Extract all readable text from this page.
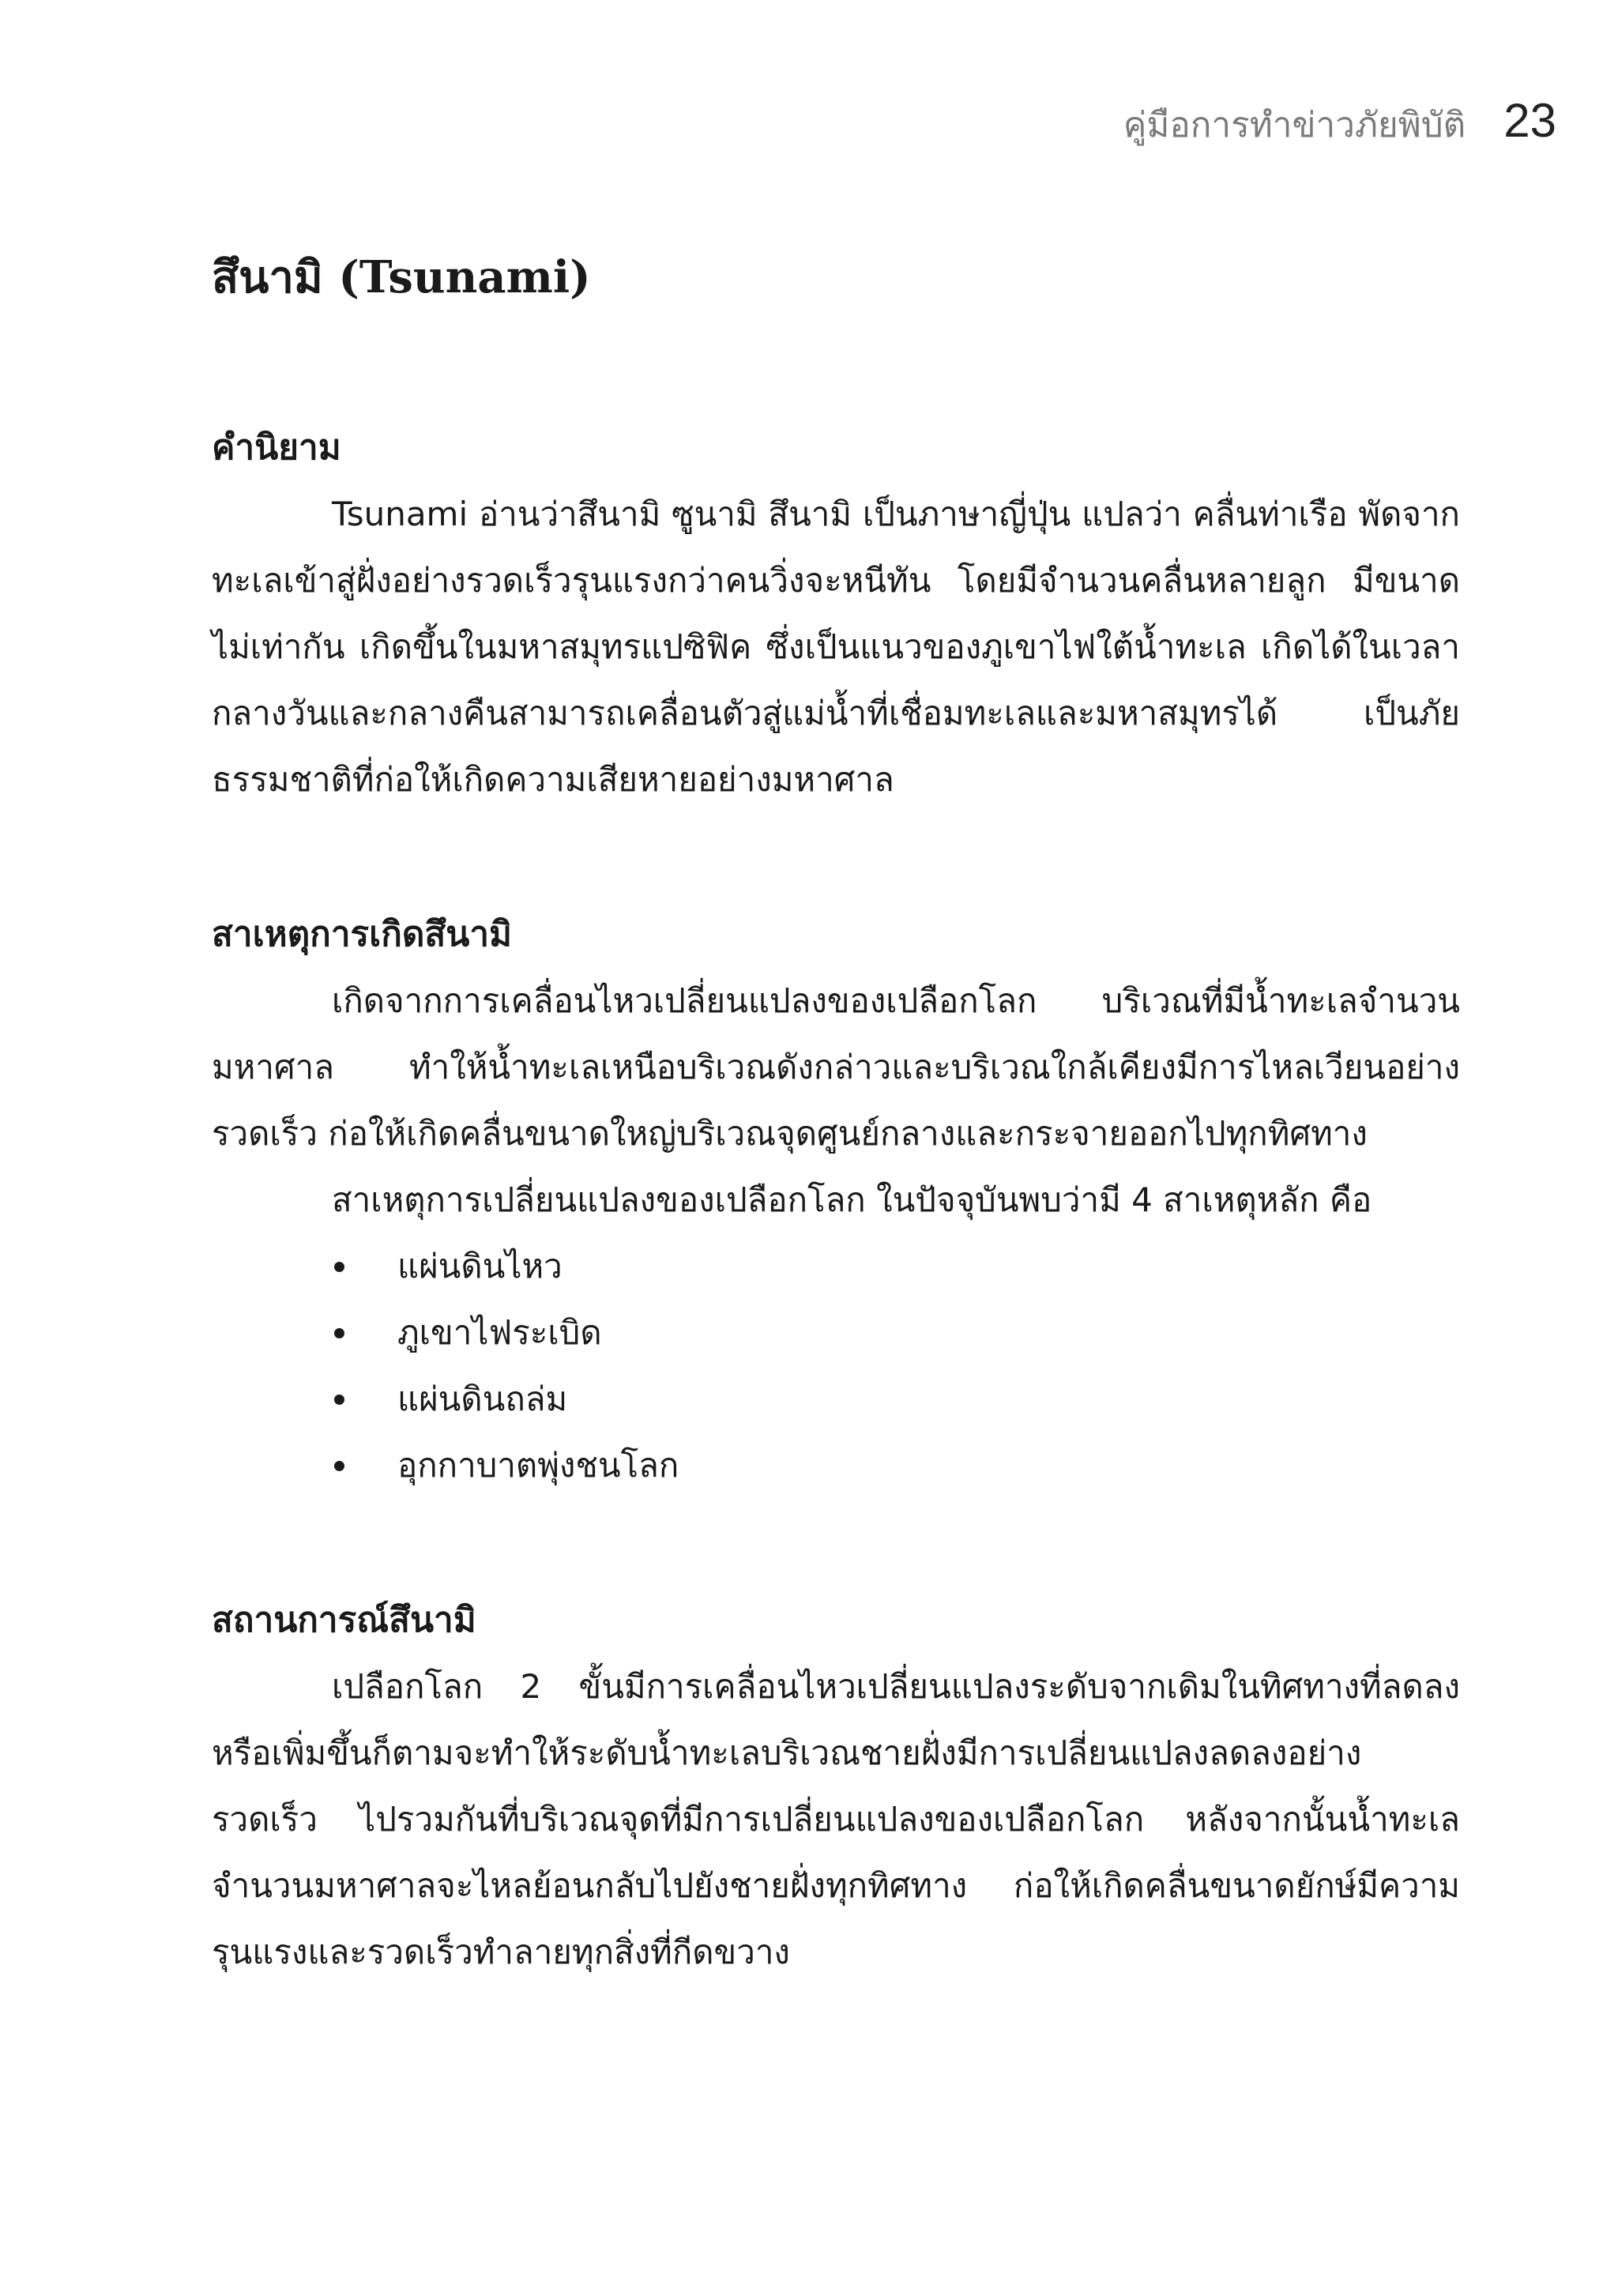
คู่มือการทำข่าวภัยพิบัติ 23
สึนามิ (Tsunami)
คำนิยาม

Tsunami อ่านว่าสึนามิ ซูนามิ สึนามิ เป็นภาษาญี่ปุ่น แปลว่า คลื่นท่าเรือ พัดจากทะเลเข้าสู่ฝั่งอย่างรวดเร็วรุนแรงกว่าคนวิ่งจะหนีทัน โดยมีจำนวนคลื่นหลายลูก มีขนาดไม่เท่ากัน เกิดขึ้นในมหาสมุทรแปซิฟิค ซึ่งเป็นแนวของภูเขาไฟใต้น้ำทะเล เกิดได้ในเวลากลางวันและกลางคืนสามารถเคลื่อนตัวสู่แม่น้ำที่เชื่อมทะเลและมหาสมุทรได้ เป็นภัยธรรมชาติที่ก่อให้เกิดความเสียหายอย่างมหาศาล

สาเหตุการเกิดสึนามิ

เกิดจากการเคลื่อนไหวเปลี่ยนแปลงของเปลือกโลก บริเวณที่มีน้ำทะเลจำนวนมหาศาล ทำให้น้ำทะเลเหนือบริเวณดังกล่าวและบริเวณใกล้เคียงมีการไหลเวียนอย่างรวดเร็ว ก่อให้เกิดคลื่นขนาดใหญ่บริเวณจุดศูนย์กลางและกระจายออกไปทุกทิศทาง

สาเหตุการเปลี่ยนแปลงของเปลือกโลก ในปัจจุบันพบว่ามี 4 สาเหตุหลัก คือ

แผ่นดินไหว
ภูเขาไฟระเบิด
แผ่นดินถล่ม
อุกกาบาตพุ่งชนโลก
สถานการณ์สึนามิ

เปลือกโลก 2 ขั้นมีการเคลื่อนไหวเปลี่ยนแปลงระดับจากเดิมในทิศทางที่ลดลง หรือเพิ่มขึ้นก็ตามจะทำให้ระดับน้ำทะเลบริเวณชายฝั่งมีการเปลี่ยนแปลงลดลงอย่างรวดเร็ว ไปรวมกันที่บริเวณจุดที่มีการเปลี่ยนแปลงของเปลือกโลก หลังจากนั้นน้ำทะเลจำนวนมหาศาลจะไหลย้อนกลับไปยังชายฝั่งทุกทิศทาง ก่อให้เกิดคลื่นขนาดยักษ์มีความรุนแรงและรวดเร็วทำลายทุกสิ่งที่กีดขวาง
